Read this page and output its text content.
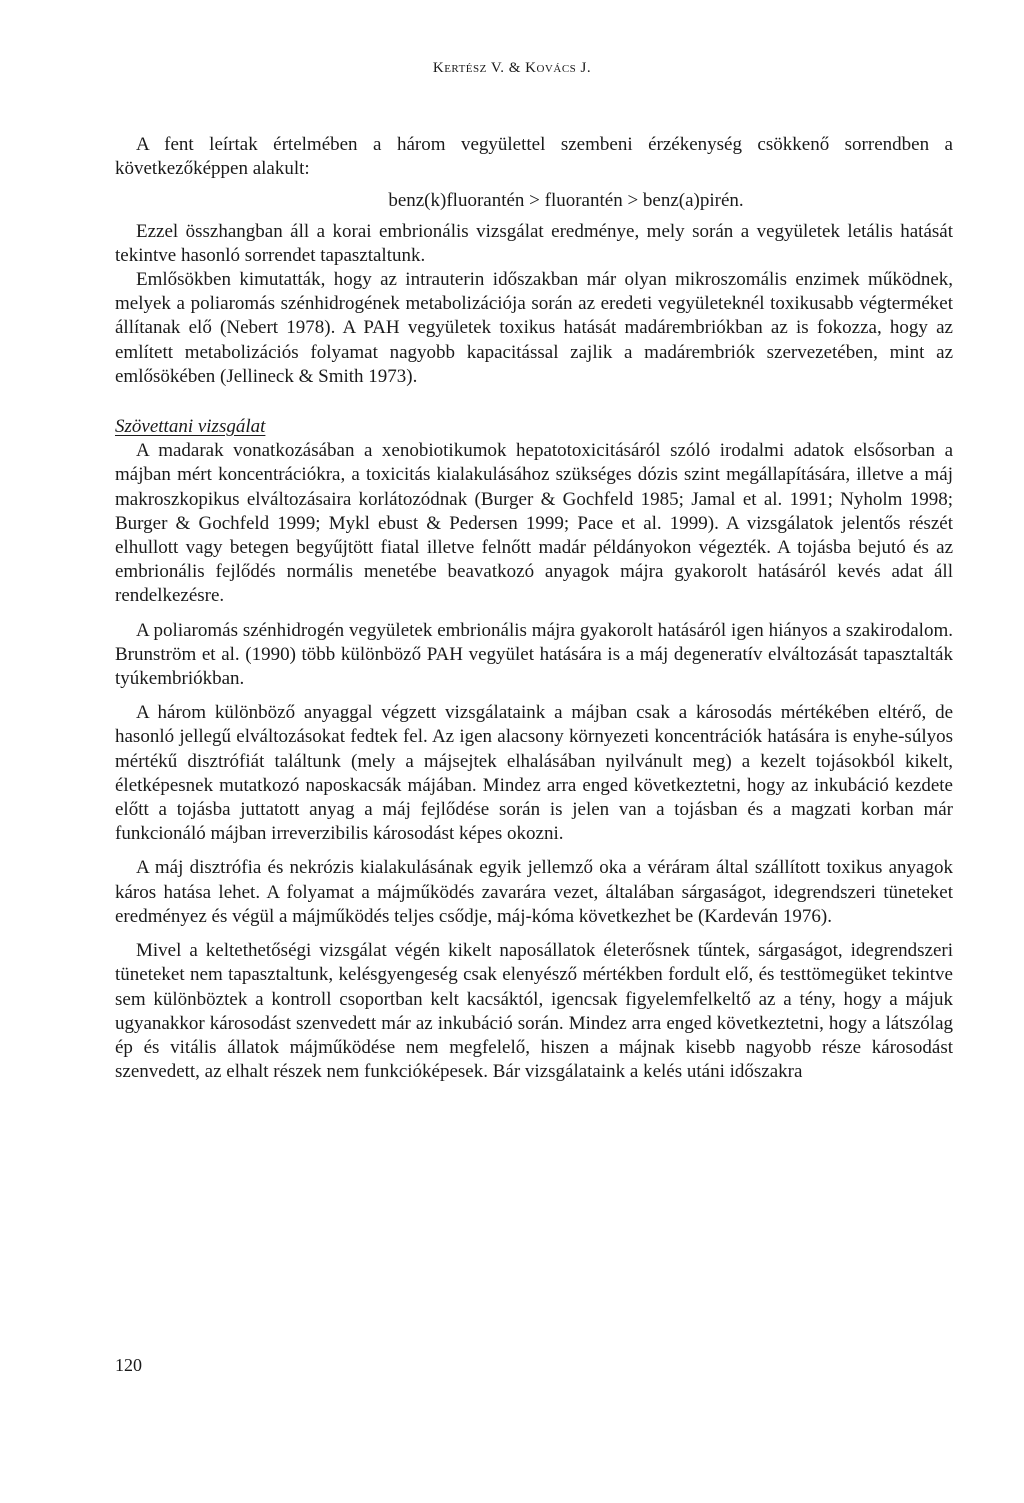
Kertész V. & Kovács J.

A fent leírtak értelmében a három vegyülettel szembeni érzékenység csökkenő sorrendben a következőképpen alakult:

benz(k)fluorantén > fluorantén > benz(a)pirén.

Ezzel összhangban áll a korai embrionális vizsgálat eredménye, mely során a vegyületek letális hatását tekintve hasonló sorrendet tapasztaltunk.

Emlősökben kimutatták, hogy az intrauterin időszakban már olyan mikroszomális enzimek működnek, melyek a poliaromás szénhidrogének metabolizációja során az eredeti vegyületeknél toxikusabb végterméket állítanak elő (Nebert 1978). A PAH vegyületek toxikus hatását madárembriókban az is fokozza, hogy az említett metabolizációs folyamat nagyobb kapacitással zajlik a madárembriók szervezetében, mint az emlősökében (Jellineck & Smith 1973).

Szövettani vizsgálat

A madarak vonatkozásában a xenobiotikumok hepatotoxicitásáról szóló irodalmi adatok elsősorban a májban mért koncentrációkra, a toxicitás kialakulásához szükséges dózis szint megállapítására, illetve a máj makroszkopikus elváltozásaira korlátozódnak (Burger & Gochfeld 1985; Jamal et al. 1991; Nyholm 1998; Burger & Gochfeld 1999; Mykl ebust & Pedersen 1999; Pace et al. 1999). A vizsgálatok jelentős részét elhullott vagy betegen begyűjtött fiatal illetve felnőtt madár példányokon végezték. A tojásba bejutó és az embrionális fejlődés normális menetébe beavatkozó anyagok májra gyakorolt hatásáról kevés adat áll rendelkezésre.

A poliaromás szénhidrogén vegyületek embrionális májra gyakorolt hatásáról igen hiányos a szakirodalom. Brunström et al. (1990) több különböző PAH vegyület hatására is a máj degeneratív elváltozását tapasztalták tyúkembriókban.

A három különböző anyaggal végzett vizsgálataink a májban csak a károsodás mértékében eltérő, de hasonló jellegű elváltozásokat fedtek fel. Az igen alacsony környezeti koncentrációk hatására is enyhe-súlyos mértékű disztrófiát találtunk (mely a májsejtek elhalásában nyilvánult meg) a kezelt tojásokból kikelt, életképesnek mutatkozó naposkacsák májában. Mindez arra enged következtetni, hogy az inkubáció kezdete előtt a tojásba juttatott anyag a máj fejlődése során is jelen van a tojásban és a magzati korban már funkcionáló májban irreverzibilis károsodást képes okozni.

A máj disztrófia és nekrózis kialakulásának egyik jellemző oka a véráram által szállított toxikus anyagok káros hatása lehet. A folyamat a májműködés zavarára vezet, általában sárgaságot, idegrendszeri tüneteket eredményez és végül a májműködés teljes csődje, máj-kóma következhet be (Kardeván 1976).

Mivel a keltethetőségi vizsgálat végén kikelt naposállatok életerősnek tűntek, sárgaságot, idegrendszeri tüneteket nem tapasztaltunk, kelésgyengeség csak elenyésző mértékben fordult elő, és testtömegüket tekintve sem különböztek a kontroll csoportban kelt kacsáktól, igencsak figyelemfelkeltő az a tény, hogy a májuk ugyanakkor károsodást szenvedett már az inkubáció során. Mindez arra enged következtetni, hogy a látszólag ép és vitális állatok májműködése nem megfelelő, hiszen a májnak kisebb nagyobb része károsodást szenvedett, az elhalt részek nem funkcióképesek. Bár vizsgálataink a kelés utáni időszakra

120
